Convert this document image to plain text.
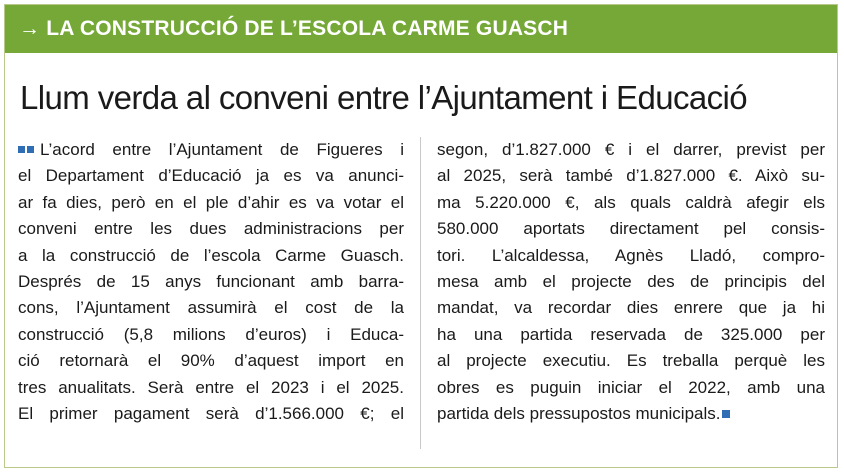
→ LA CONSTRUCCIÓ DE L’ESCOLA CARME GUASCH
Llum verda al conveni entre l’Ajuntament i Educació
L’acord entre l’Ajuntament de Figueres i
el Departament d’Educació ja es va anunci-
ar fa dies, però en el ple d’ahir es va votar el
conveni entre les dues administracions per
a la construcció de l’escola Carme Guasch.
Després de 15 anys funcionant amb barra-
cons, l’Ajuntament assumirà el cost de la
construcció (5,8 milions d’euros) i Educa-
ció retornarà el 90% d’aquest import en
tres anualitats. Serà entre el 2023 i el 2025.
El primer pagament serà d’1.566.000 €; el
segon, d’1.827.000 € i el darrer, previst per
al 2025, serà també d’1.827.000 €. Això su-
ma 5.220.000 €, als quals caldrà afegir els
580.000 aportats directament pel consis-
tori. L’alcaldessa, Agnès Lladó, compro-
mesa amb el projecte des de principis del
mandat, va recordar dies enrere que ja hi
ha una partida reservada de 325.000 per
al projecte executiu. Es treballa perquè les
obres es puguin iniciar el 2022, amb una
partida dels pressupostos municipals.
